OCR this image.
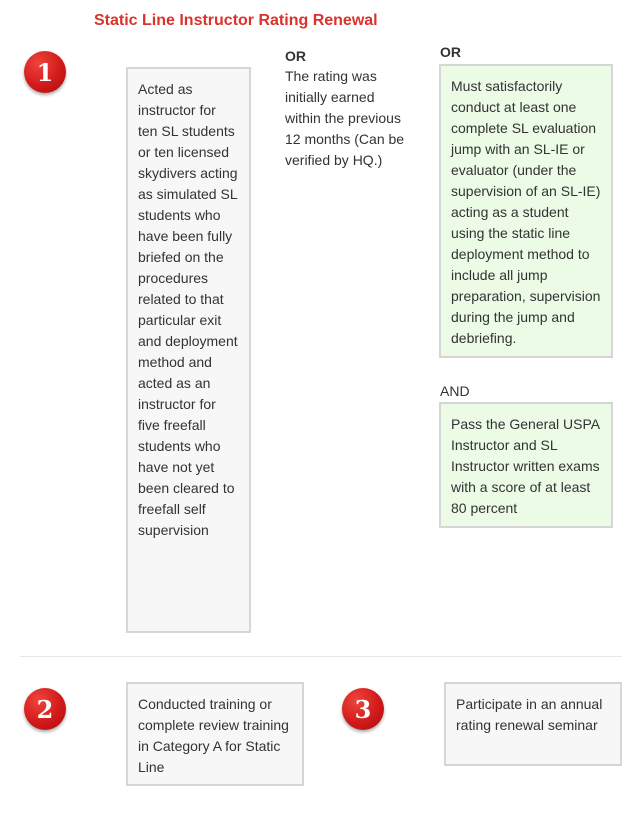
Static Line Instructor Rating Renewal
1
Acted as instructor for ten SL students or ten licensed skydivers acting as simulated SL students who have been fully briefed on the procedures related to that particular exit and deployment method and acted as an instructor for five freefall students who have not yet been cleared to freefall self supervision
OR
The rating was initially earned within the previous 12 months (Can be verified by HQ.)
OR
Must satisfactorily conduct at least one complete SL evaluation jump with an SL-IE or evaluator (under the supervision of an SL-IE) acting as a student using the static line deployment method to include all jump preparation, supervision during the jump and debriefing.
AND
Pass the General USPA Instructor and SL Instructor written exams with a score of at least 80 percent
2	Conducted training or complete review training in Category A for Static Line
3	Participate in an annual rating renewal seminar
